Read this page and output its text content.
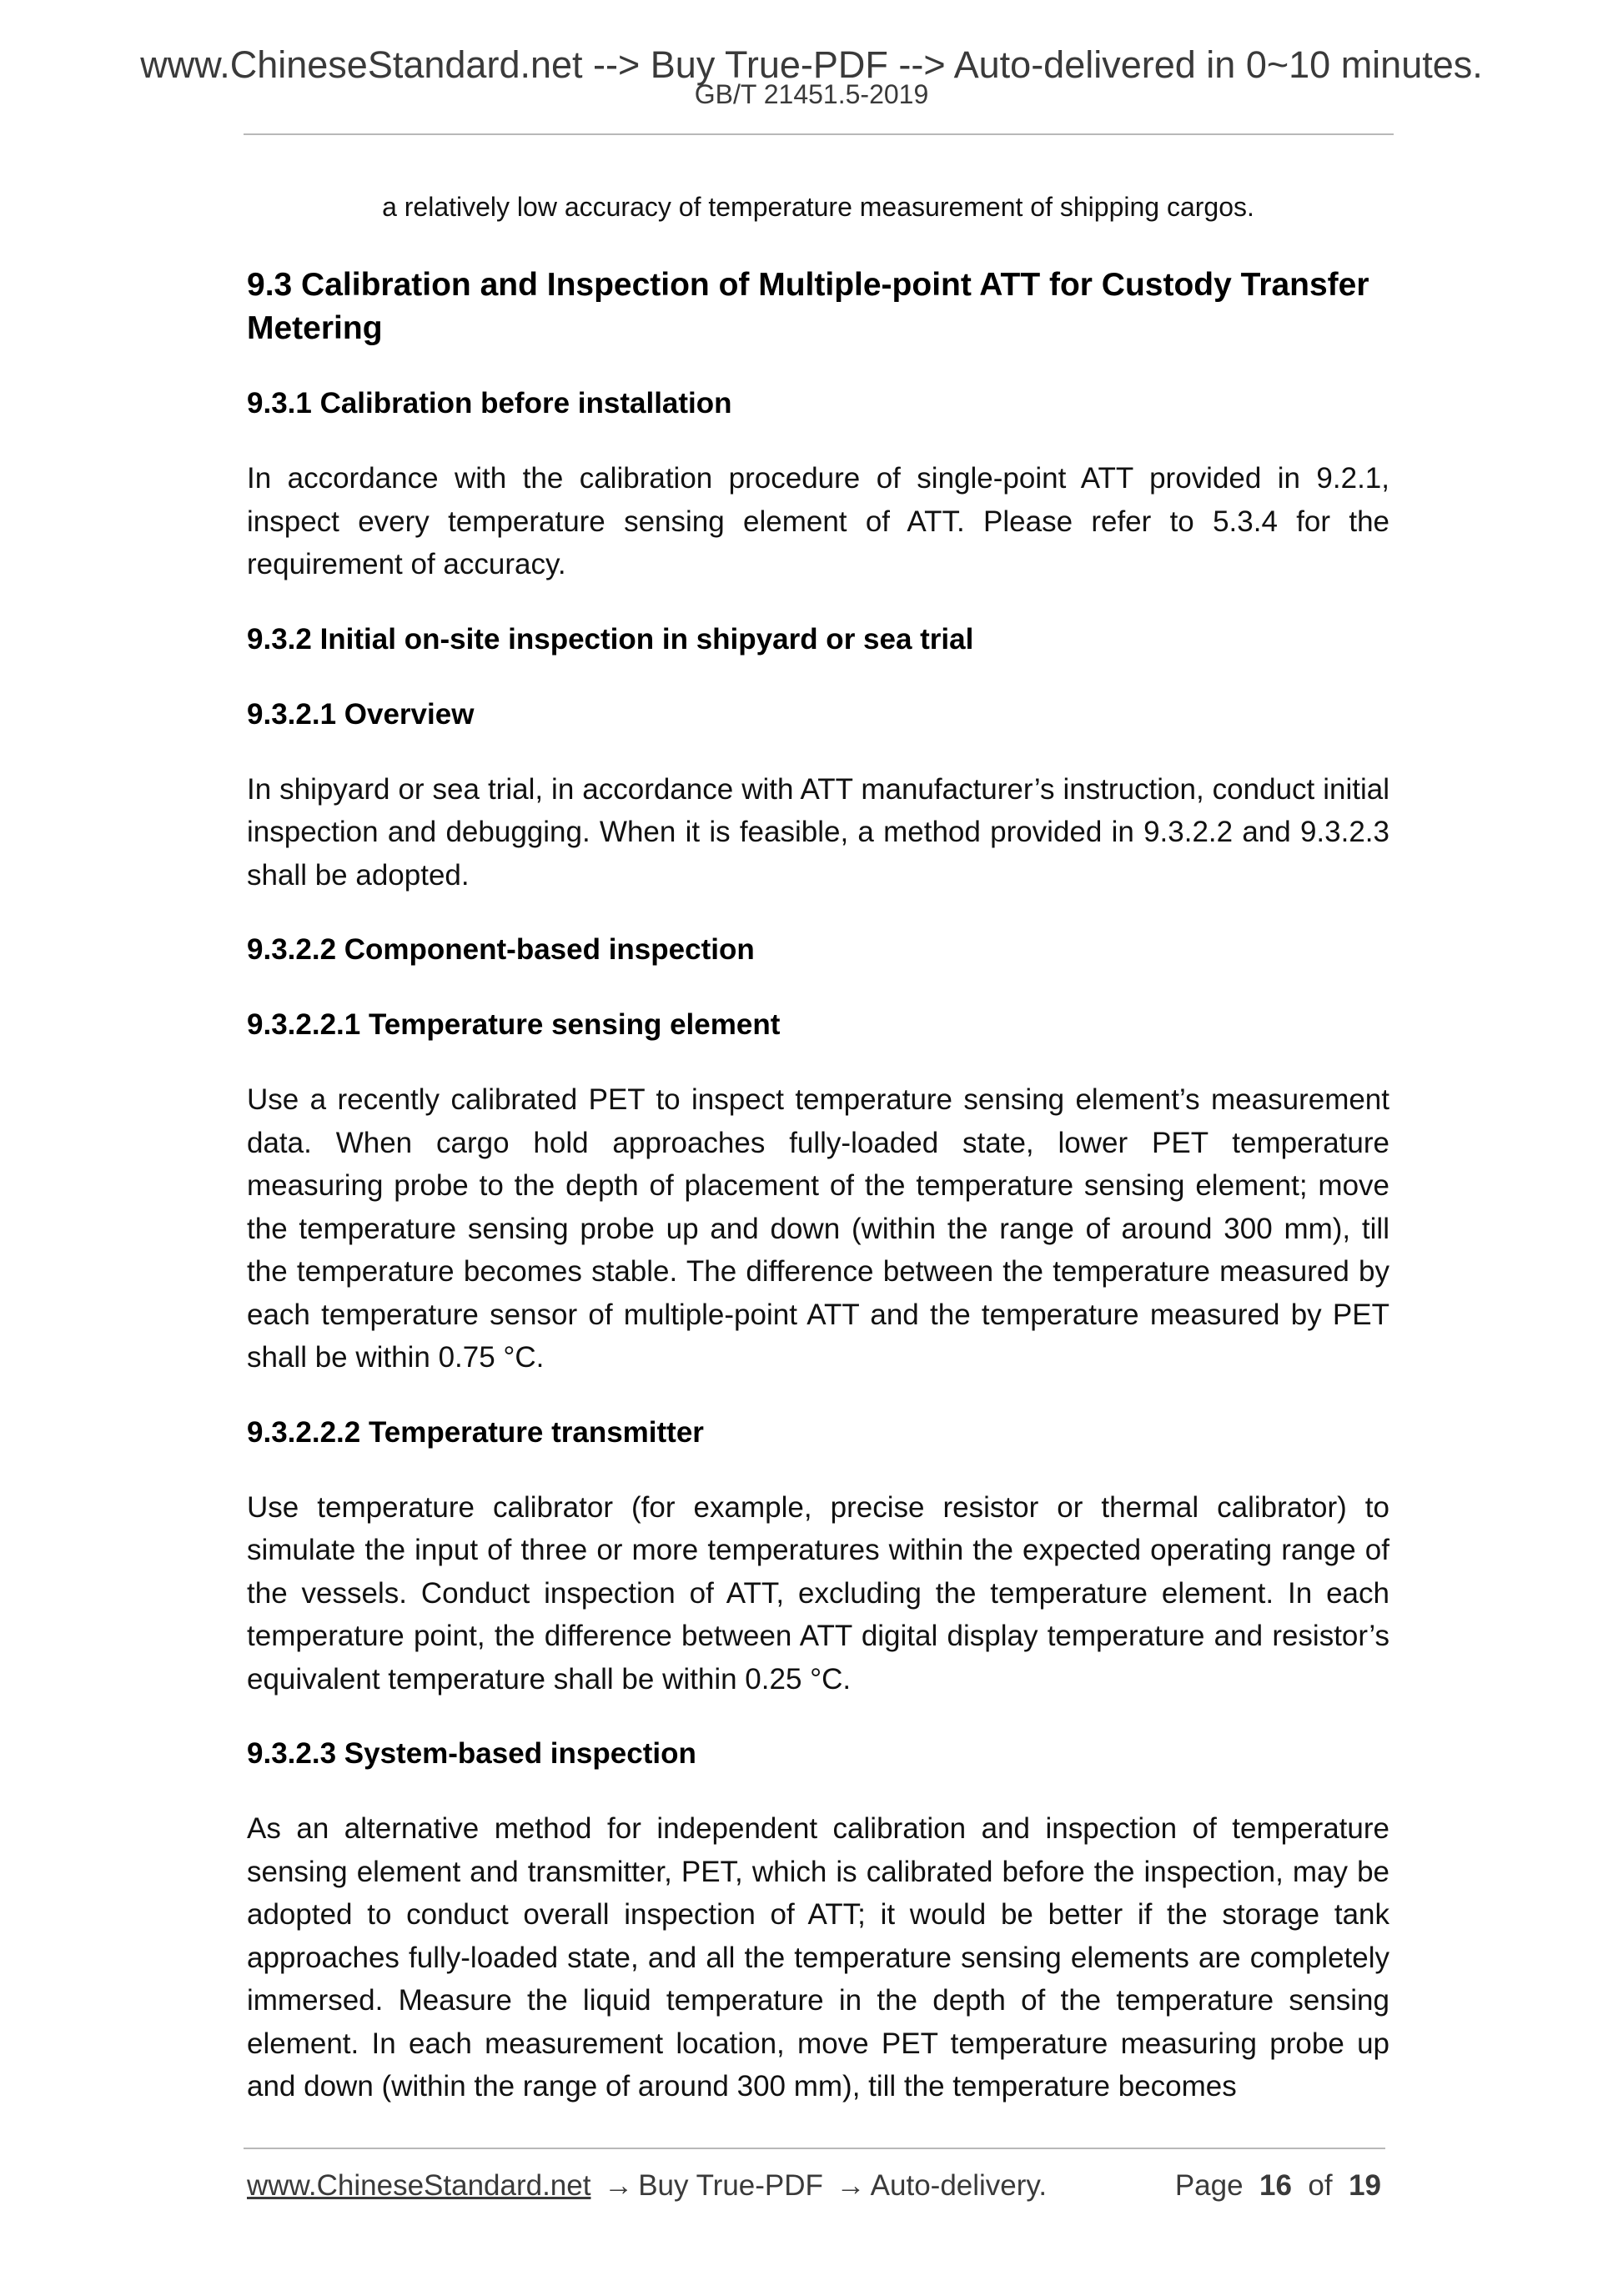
www.ChineseStandard.net --> Buy True-PDF --> Auto-delivered in 0~10 minutes.
GB/T 21451.5-2019

a relatively low accuracy of temperature measurement of shipping cargos.

9.3 Calibration and Inspection of Multiple-point ATT for Custody Transfer Metering
9.3.1 Calibration before installation

In accordance with the calibration procedure of single-point ATT provided in 9.2.1, inspect every temperature sensing element of ATT. Please refer to 5.3.4 for the requirement of accuracy.

9.3.2 Initial on-site inspection in shipyard or sea trial
9.3.2.1 Overview

In shipyard or sea trial, in accordance with ATT manufacturer’s instruction, conduct initial inspection and debugging. When it is feasible, a method provided in 9.3.2.2 and 9.3.2.3 shall be adopted.

9.3.2.2 Component-based inspection
9.3.2.2.1 Temperature sensing element

Use a recently calibrated PET to inspect temperature sensing element’s measurement data. When cargo hold approaches fully-loaded state, lower PET temperature measuring probe to the depth of placement of the temperature sensing element; move the temperature sensing probe up and down (within the range of around 300 mm), till the temperature becomes stable. The difference between the temperature measured by each temperature sensor of multiple-point ATT and the temperature measured by PET shall be within 0.75 °C.

9.3.2.2.2 Temperature transmitter

Use temperature calibrator (for example, precise resistor or thermal calibrator) to simulate the input of three or more temperatures within the expected operating range of the vessels. Conduct inspection of ATT, excluding the temperature element. In each temperature point, the difference between ATT digital display temperature and resistor’s equivalent temperature shall be within 0.25 °C.

9.3.2.3 System-based inspection

As an alternative method for independent calibration and inspection of temperature sensing element and transmitter, PET, which is calibrated before the inspection, may be adopted to conduct overall inspection of ATT; it would be better if the storage tank approaches fully-loaded state, and all the temperature sensing elements are completely immersed. Measure the liquid temperature in the depth of the temperature sensing element. In each measurement location, move PET temperature measuring probe up and down (within the range of around 300 mm), till the temperature becomes

www.ChineseStandard.net → Buy True-PDF → Auto-delivery.	Page 16 of 19
